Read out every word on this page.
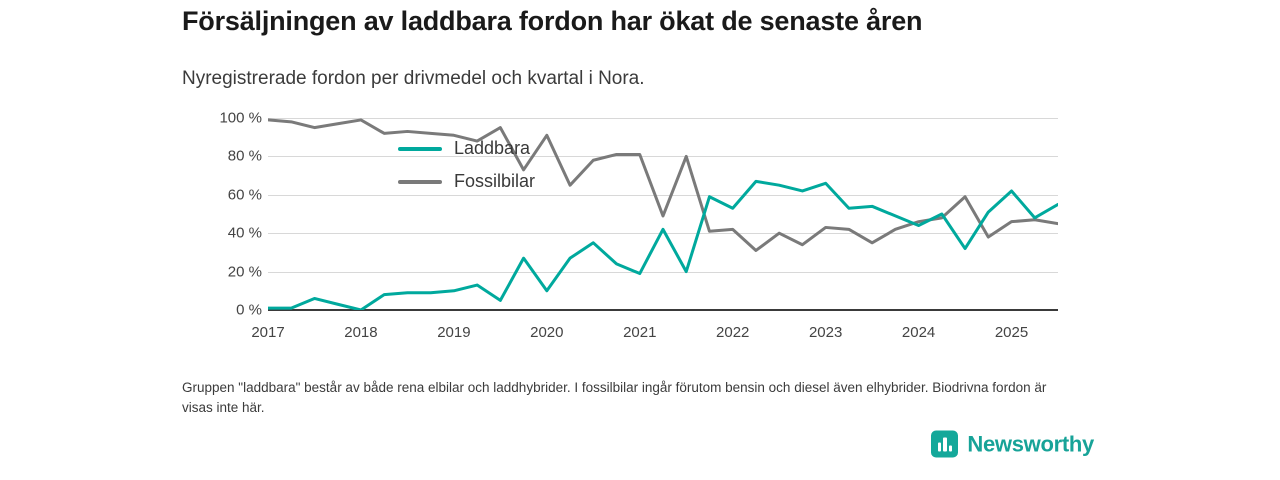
Försäljningen av laddbara fordon har ökat de senaste åren
Nyregistrerade fordon per drivmedel och kvartal i Nora.
0 %
20 %
40 %
60 %
80 %
100 %
2017	2018	2019	2020	2021	2022	2023	2024	2025
Laddbara
Fossilbilar
Gruppen "laddbara" består av både rena elbilar och laddhybrider. I fossilbilar ingår förutom bensin och diesel även elhybrider. Biodrivna fordon är visas inte här.
Newsworthy
